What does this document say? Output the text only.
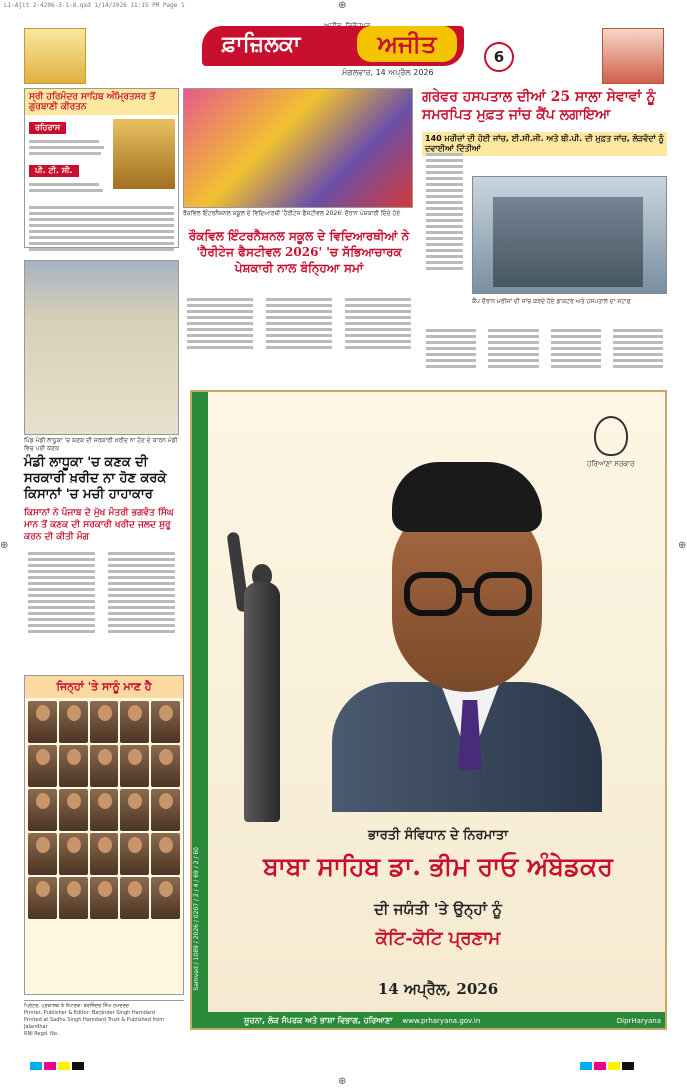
L1-Ajit 2-4206-3-1-8.qxd 1/14/2026 11:15 PM Page 1	⊕
⊕	⊕
⊕
ਫ਼ਾਜ਼ਿਲਕਾ	ਅਜੀਤ
ਮੰਗਲਵਾਰ, 14 ਅਪ੍ਰੈਲ 2026
6
ਸ੍ਰੀ ਹਰਿਮੰਦਰ ਸਾਹਿਬ ਅੰਮ੍ਰਿਤਸਰ ਤੋਂ ਗੁਰਬਾਣੀ ਕੀਰਤਨ
ਰਹਿਰਾਸ
ਪੀ. ਟੀ. ਸੀ.
ਪਿੰਡ ਮੰਡੀ ਲਾਧੂਕਾ 'ਚ ਕਣਕ ਦੀ ਸਰਕਾਰੀ ਖ਼ਰੀਦ ਨਾ ਹੋਣ ਦੇ ਕਾਰਨ ਮੰਡੀ ਵਿਚ ਪਈ ਕਣਕ
ਮੰਡੀ ਲਾਧੂਕਾ 'ਚ ਕਣਕ ਦੀ ਸਰਕਾਰੀ ਖ਼ਰੀਦ ਨਾ ਹੋਣ ਕਰਕੇ ਕਿਸਾਨਾਂ 'ਚ ਮਚੀ ਹਾਹਾਕਾਰ
ਕਿਸਾਨਾਂ ਨੇ ਪੰਜਾਬ ਦੇ ਮੁੱਖ ਮੰਤਰੀ ਭਗਵੰਤ ਸਿੰਘ ਮਾਨ ਤੋਂ ਕਣਕ ਦੀ ਸਰਕਾਰੀ ਖਰੀਦ ਜਲਦ ਸ਼ੁਰੂ ਕਰਨ ਦੀ ਕੀਤੀ ਮੰਗ
ਜਿਨ੍ਹਾਂ 'ਤੇ ਸਾਨੂੰ ਮਾਣ ਹੈ
ਪ੍ਰਿੰਟਰ, ਪ੍ਰਕਾਸ਼ਕ ਤੇ ਸੰਪਾਦਕ: ਬਰਜਿੰਦਰ ਸਿੰਘ ਹਮਦਰਦ
Printer, Publisher & Editor: Barjinder Singh Hamdard
Printed at Sadhu Singh Hamdard Trust & Published from Jalandhar
RNI Regd. No.
ਰੌਕਵਿਲ ਇੰਟਰਨੈਸ਼ਨਲ ਸਕੂਲ ਦੇ ਵਿਦਿਆਰਥੀ 'ਹੈਰੀਟੇਜ ਫੈਸਟੀਵਲ 2026' ਦੌਰਾਨ ਪੇਸ਼ਕਾਰੀ ਦਿੰਦੇ ਹੋਏ
ਰੌਕਵਿਲ ਇੰਟਰਨੈਸ਼ਨਲ ਸਕੂਲ ਦੇ ਵਿਦਿਆਰਥੀਆਂ ਨੇ 'ਹੈਰੀਟੇਜ ਫੈਸਟੀਵਲ 2026' 'ਚ ਸੱਭਿਆਚਾਰਕ ਪੇਸ਼ਕਾਰੀ ਨਾਲ ਬੰਨ੍ਹਿਆ ਸਮਾਂ
ਗਰੇਵਰ ਹਸਪਤਾਲ ਦੀਆਂ 25 ਸਾਲਾ ਸੇਵਾਵਾਂ ਨੂੰ ਸਮਰਪਿਤ ਮੁਫ਼ਤ ਜਾਂਚ ਕੈਂਪ ਲਗਾਇਆ
140 ਮਰੀਜ਼ਾਂ ਦੀ ਹੋਈ ਜਾਂਚ, ਈ.ਸੀ.ਜੀ. ਅਤੇ ਬੀ.ਪੀ. ਦੀ ਮੁਫ਼ਤ ਜਾਂਚ, ਲੋੜਵੰਦਾਂ ਨੂੰ ਦਵਾਈਆਂ ਦਿੱਤੀਆਂ
ਕੈਂਪ ਦੌਰਾਨ ਮਰੀਜ਼ਾਂ ਦੀ ਜਾਂਚ ਕਰਦੇ ਹੋਏ ਡਾਕਟਰ ਅਤੇ ਹਸਪਤਾਲ ਦਾ ਸਟਾਫ਼
Samvad / 1089 / 2026 / 0207 / 2 / 4 / 69 / 2 / 60
ਹਰਿਆਣਾ ਸਰਕਾਰ
ਭਾਰਤੀ ਸੰਵਿਧਾਨ ਦੇ ਨਿਰਮਾਤਾ
ਬਾਬਾ ਸਾਹਿਬ ਡਾ. ਭੀਮ ਰਾਓ ਅੰਬੇਡਕਰ
ਦੀ ਜਯੰਤੀ 'ਤੇ ਉਨ੍ਹਾਂ ਨੂੰ
ਕੋਟਿ-ਕੋਟਿ ਪ੍ਰਣਾਮ
14 ਅਪ੍ਰੈਲ, 2026
ਸੂਚਨਾ, ਲੋਕ ਸੰਪਰਕ ਅਤੇ ਭਾਸ਼ਾ ਵਿਭਾਗ, ਹਰਿਆਣਾ www.prharyana.gov.in	DiprHaryana
